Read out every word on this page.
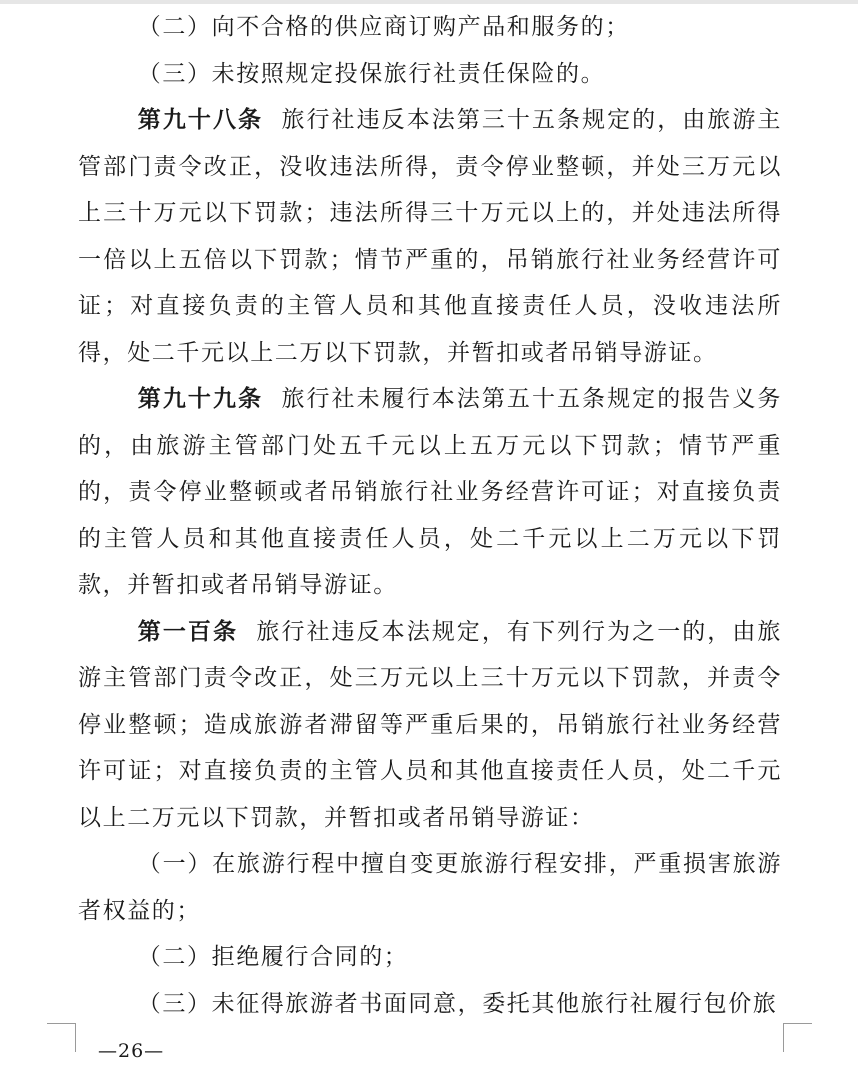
（二）向不合格的供应商订购产品和服务的；

（三）未按照规定投保旅行社责任保险的。

第九十八条 旅行社违反本法第三十五条规定的，由旅游主管部门责令改正，没收违法所得，责令停业整顿，并处三万元以上三十万元以下罚款；违法所得三十万元以上的，并处违法所得一倍以上五倍以下罚款；情节严重的，吊销旅行社业务经营许可证；对直接负责的主管人员和其他直接责任人员，没收违法所得，处二千元以上二万以下罚款，并暂扣或者吊销导游证。

第九十九条 旅行社未履行本法第五十五条规定的报告义务的，由旅游主管部门处五千元以上五万元以下罚款；情节严重的，责令停业整顿或者吊销旅行社业务经营许可证；对直接负责的主管人员和其他直接责任人员，处二千元以上二万元以下罚款，并暂扣或者吊销导游证。

第一百条 旅行社违反本法规定，有下列行为之一的，由旅游主管部门责令改正，处三万元以上三十万元以下罚款，并责令停业整顿；造成旅游者滞留等严重后果的，吊销旅行社业务经营许可证；对直接负责的主管人员和其他直接责任人员，处二千元以上二万元以下罚款，并暂扣或者吊销导游证：

（一）在旅游行程中擅自变更旅游行程安排，严重损害旅游者权益的；

（二）拒绝履行合同的；

（三）未征得旅游者书面同意，委托其他旅行社履行包价旅

—26—
